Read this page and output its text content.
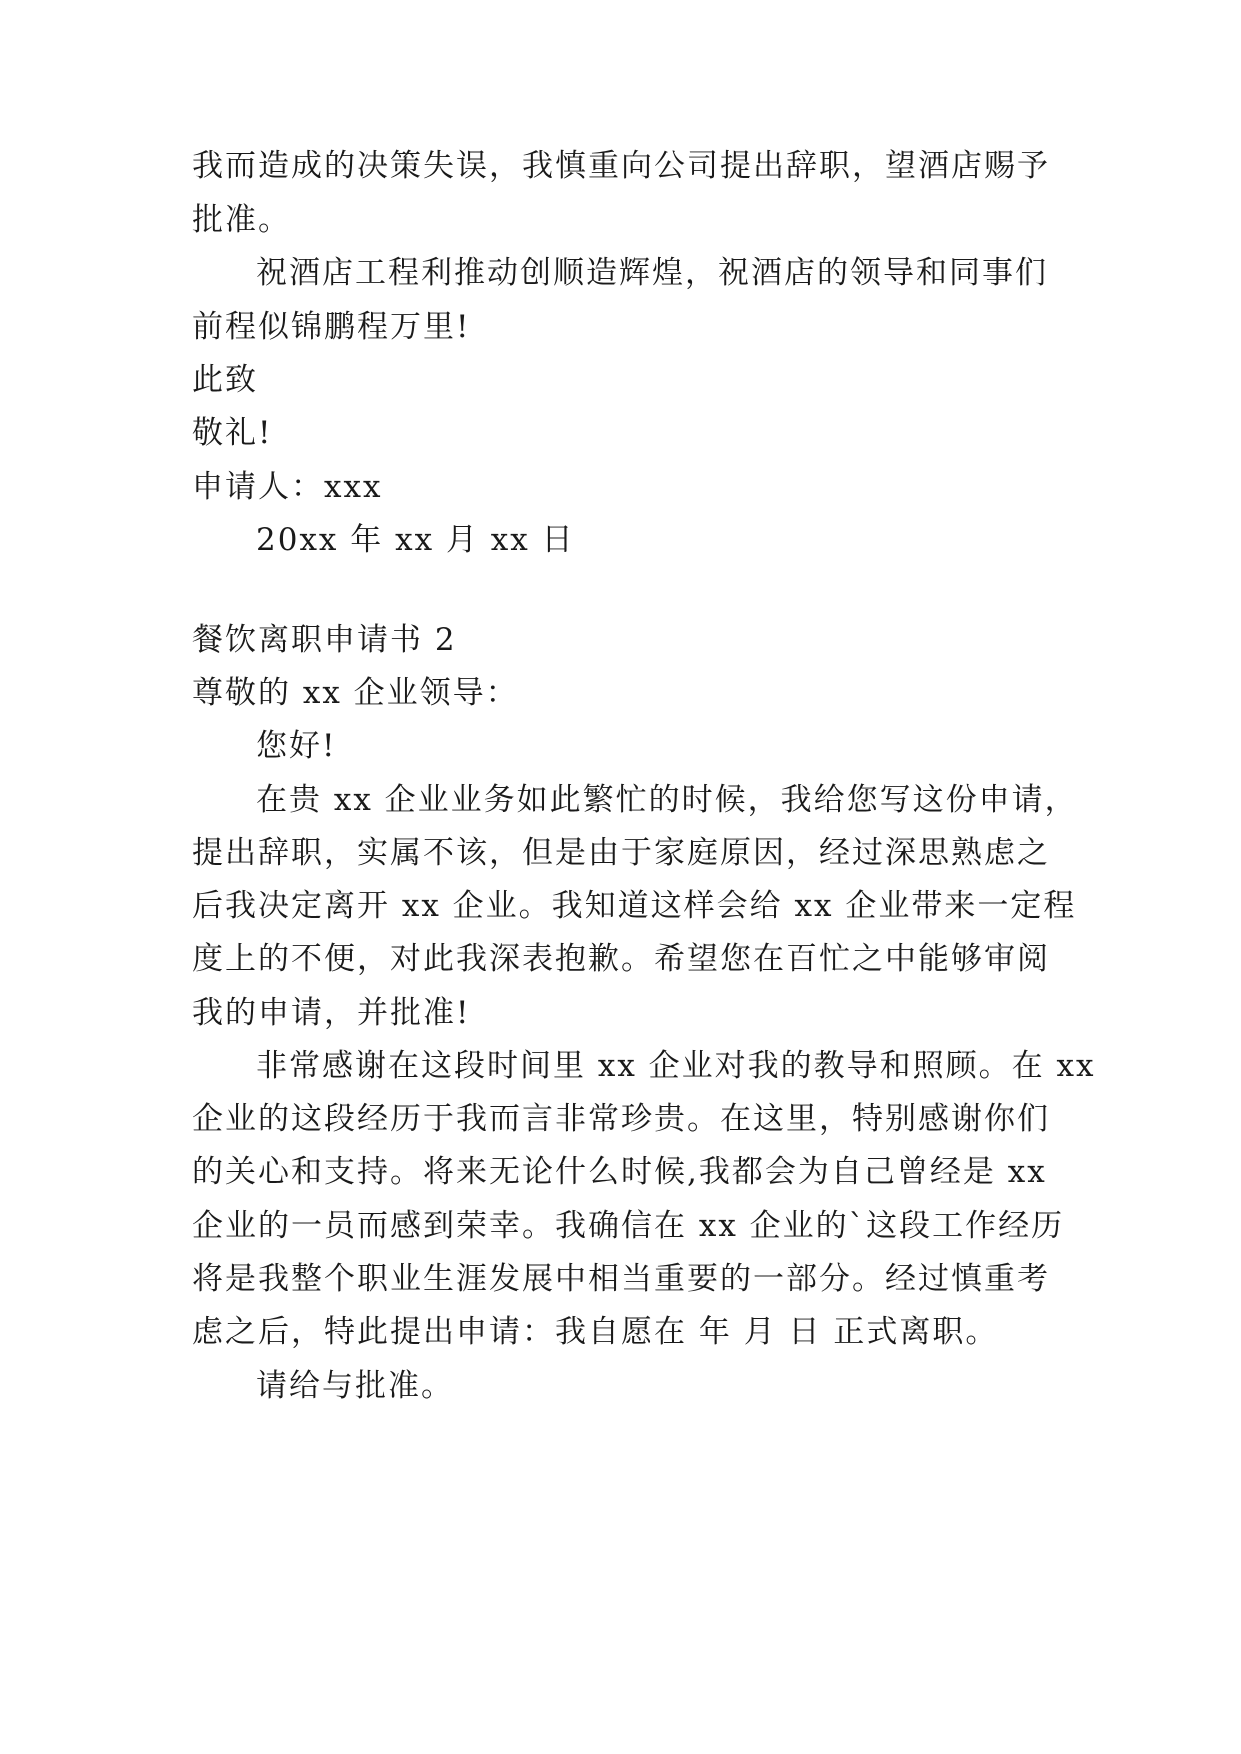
我而造成的决策失误，我慎重向公司提出辞职，望酒店赐予
批准。
祝酒店工程利推动创顺造辉煌，祝酒店的领导和同事们
前程似锦鹏程万里!
此致
敬礼!
申请人：xxx
20xx 年 xx 月 xx 日
餐饮离职申请书 2
尊敬的 xx 企业领导：
您好!
在贵 xx 企业业务如此繁忙的时候，我给您写这份申请，
提出辞职，实属不该，但是由于家庭原因，经过深思熟虑之
后我决定离开 xx 企业。我知道这样会给 xx 企业带来一定程
度上的不便，对此我深表抱歉。希望您在百忙之中能够审阅
我的申请，并批准!
非常感谢在这段时间里 xx 企业对我的教导和照顾。在 xx
企业的这段经历于我而言非常珍贵。在这里，特别感谢你们
的关心和支持。将来无论什么时候,我都会为自己曾经是 xx
企业的一员而感到荣幸。我确信在 xx 企业的`这段工作经历
将是我整个职业生涯发展中相当重要的一部分。经过慎重考
虑之后，特此提出申请：我自愿在 年 月 日 正式离职。
请给与批准。
